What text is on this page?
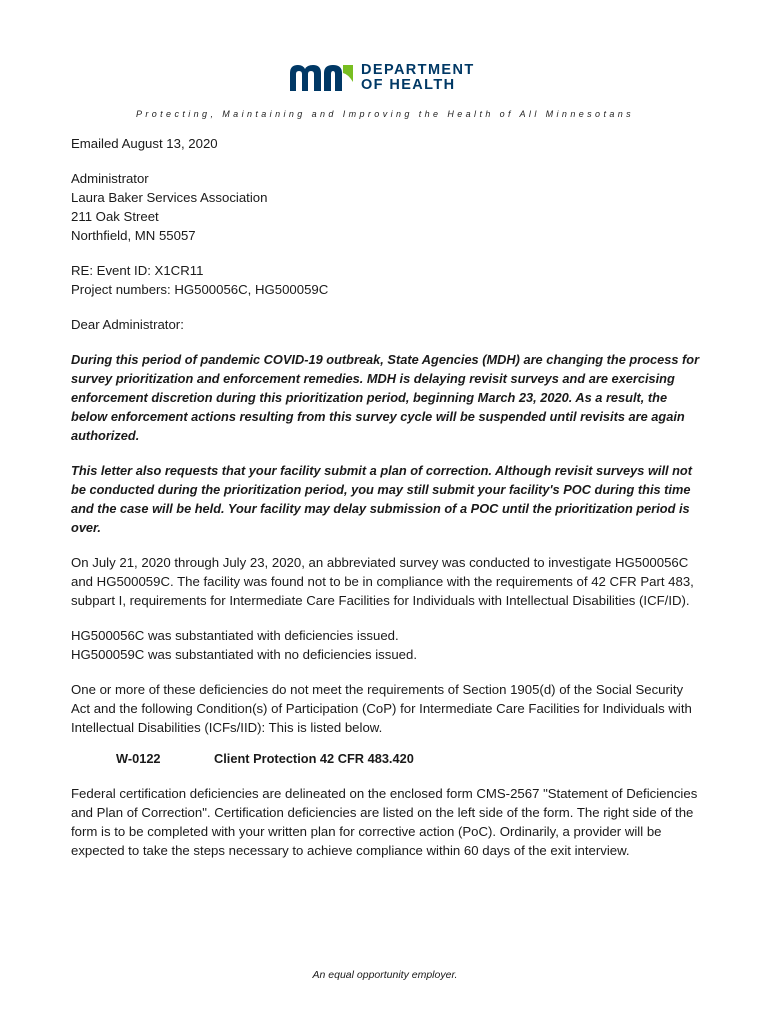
DEPARTMENT
OF HEALTH
Protecting, Maintaining and Improving the Health of All Minnesotans

Emailed August 13, 2020

Administrator

Laura Baker Services Association

211 Oak Street

Northfield, MN 55057

RE: Event ID: X1CR11

Project numbers: HG500056C, HG500059C

Dear Administrator:

During this period of pandemic COVID-19 outbreak, State Agencies (MDH) are changing the process for survey prioritization and enforcement remedies. MDH is delaying revisit surveys and are exercising enforcement discretion during this prioritization period, beginning March 23, 2020. As a result, the below enforcement actions resulting from this survey cycle will be suspended until revisits are again authorized.

This letter also requests that your facility submit a plan of correction. Although revisit surveys will not be conducted during the prioritization period, you may still submit your facility's POC during this time and the case will be held. Your facility may delay submission of a POC until the prioritization period is over.

On July 21, 2020 through July 23, 2020, an abbreviated survey was conducted to investigate HG500056C and HG500059C. The facility was found not to be in compliance with the requirements of 42 CFR Part 483, subpart I, requirements for Intermediate Care Facilities for Individuals with Intellectual Disabilities (ICF/ID).

HG500056C was substantiated with deficiencies issued.

HG500059C was substantiated with no deficiencies issued.

One or more of these deficiencies do not meet the requirements of Section 1905(d) of the Social Security Act and the following Condition(s) of Participation (CoP) for Intermediate Care Facilities for Individuals with Intellectual Disabilities (ICFs/IID): This is listed below.

W-0122	Client Protection 42 CFR 483.420

Federal certification deficiencies are delineated on the enclosed form CMS-2567 "Statement of Deficiencies and Plan of Correction". Certification deficiencies are listed on the left side of the form. The right side of the form is to be completed with your written plan for corrective action (PoC). Ordinarily, a provider will be expected to take the steps necessary to achieve compliance within 60 days of the exit interview.

An equal opportunity employer.
